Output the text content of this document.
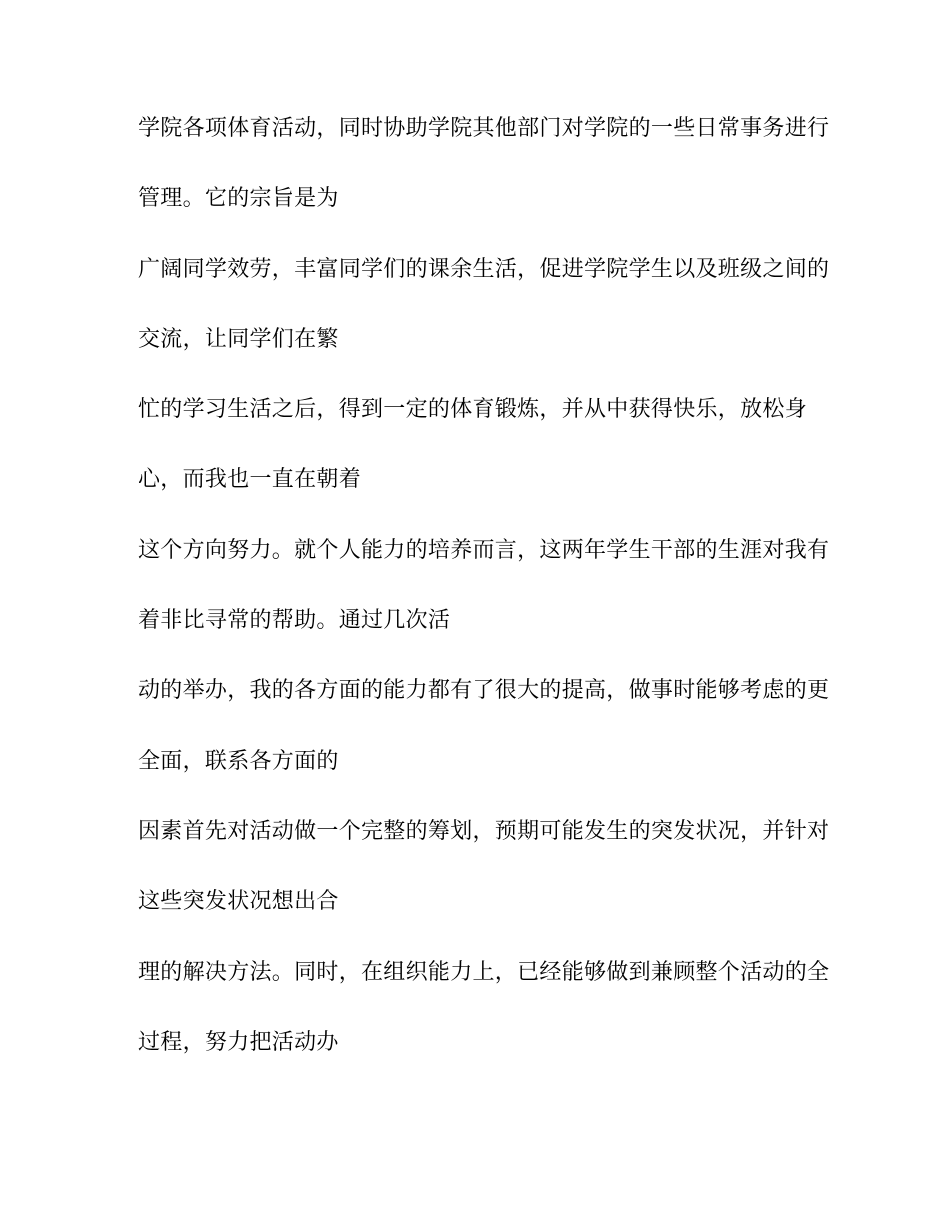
学院各项体育活动，同时协助学院其他部门对学院的一些日常事务进行
管理。它的宗旨是为
广阔同学效劳，丰富同学们的课余生活，促进学院学生以及班级之间的
交流，让同学们在繁
忙的学习生活之后，得到一定的体育锻炼，并从中获得快乐，放松身
心，而我也一直在朝着
这个方向努力。就个人能力的培养而言，这两年学生干部的生涯对我有
着非比寻常的帮助。通过几次活
动的举办，我的各方面的能力都有了很大的提高，做事时能够考虑的更
全面，联系各方面的
因素首先对活动做一个完整的筹划，预期可能发生的突发状况，并针对
这些突发状况想出合
理的解决方法。同时，在组织能力上，已经能够做到兼顾整个活动的全
过程，努力把活动办
